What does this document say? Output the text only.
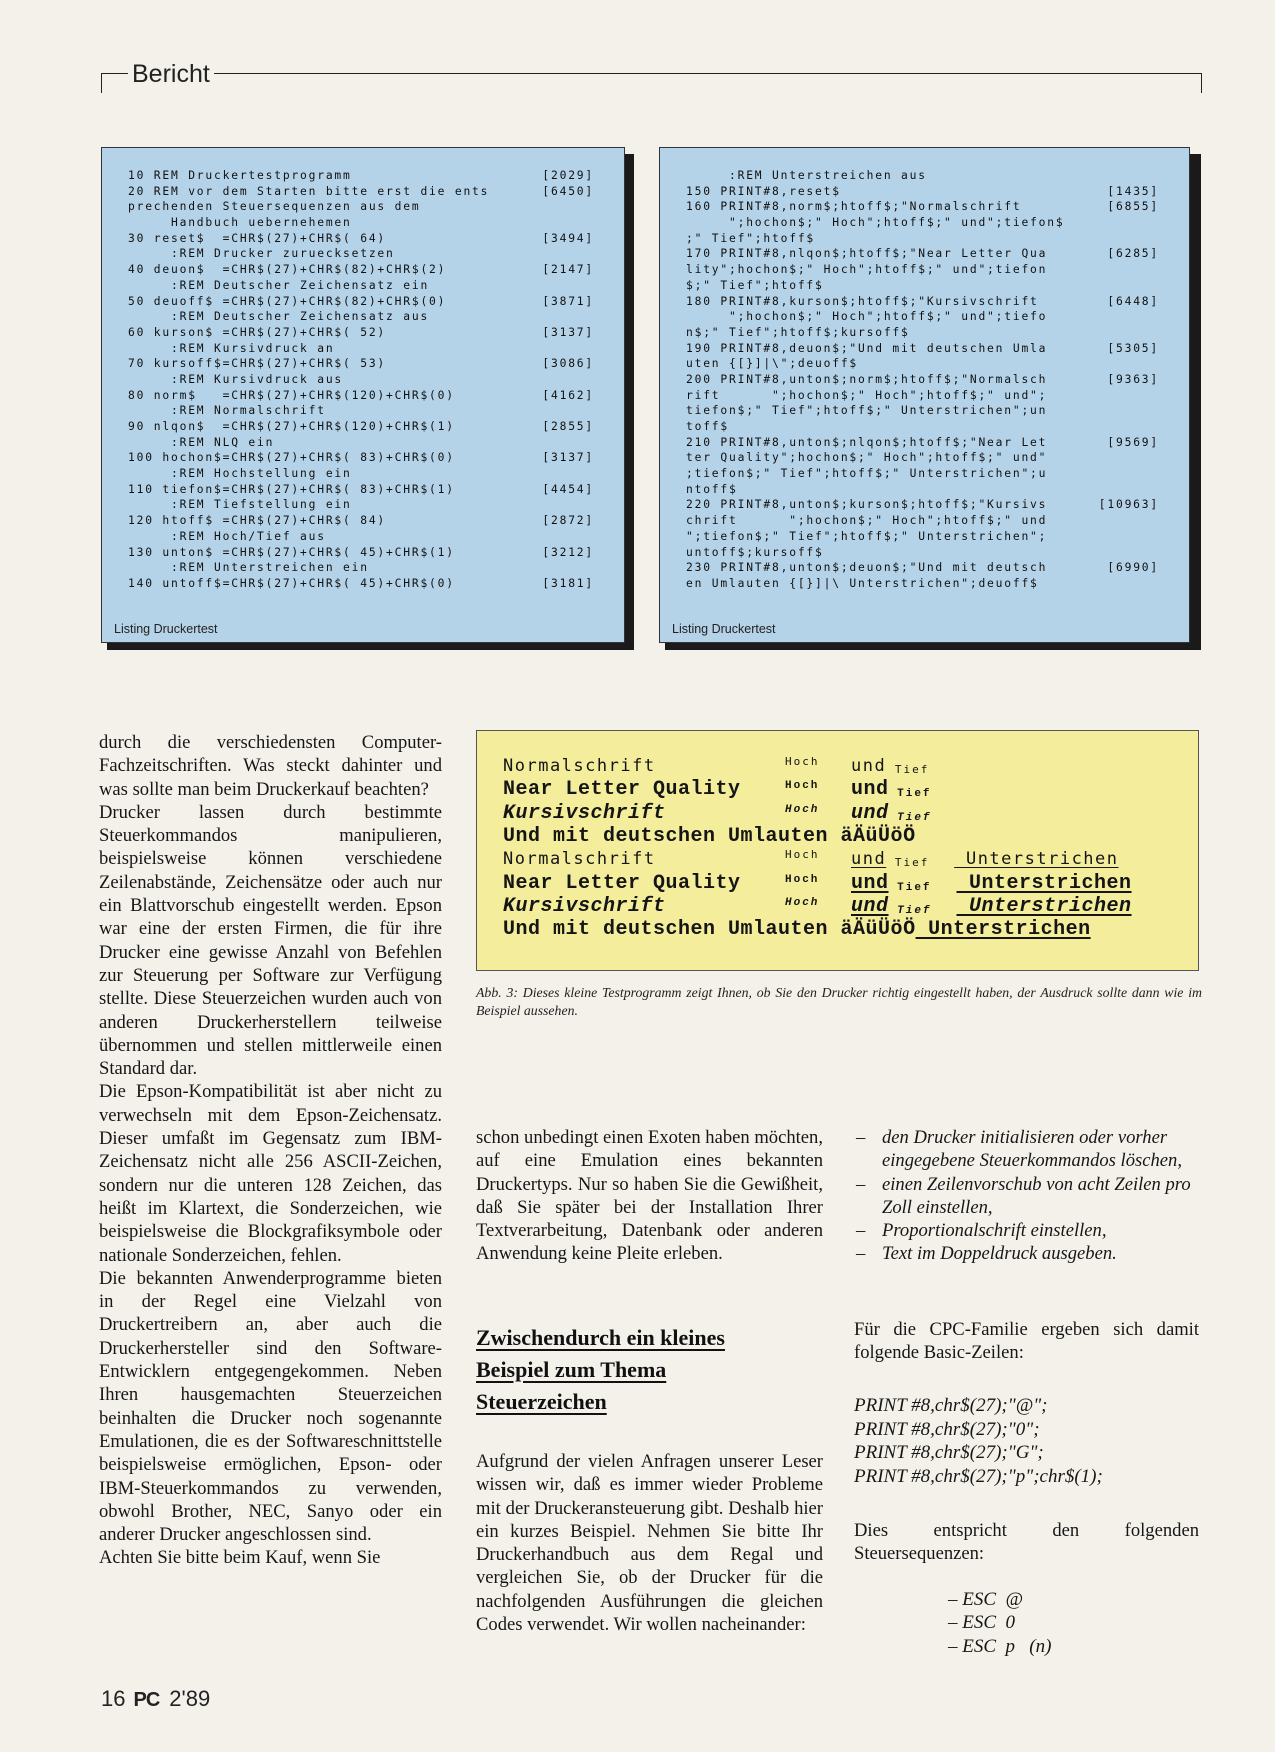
Bericht
10 REM Druckertestprogramm	[2029]
20 REM vor dem Starten bitte erst die ents	[6450]
prechenden Steuersequenzen aus dem
Handbuch uebernehemen
30 reset$  =CHR$(27)+CHR$( 64)	[3494]
:REM Drucker zuruecksetzen
40 deuon$  =CHR$(27)+CHR$(82)+CHR$(2)	[2147]
:REM Deutscher Zeichensatz ein
50 deuoff$ =CHR$(27)+CHR$(82)+CHR$(0)	[3871]
:REM Deutscher Zeichensatz aus
60 kurson$ =CHR$(27)+CHR$( 52)	[3137]
:REM Kursivdruck an
70 kursoff$=CHR$(27)+CHR$( 53)	[3086]
:REM Kursivdruck aus
80 norm$   =CHR$(27)+CHR$(120)+CHR$(0)	[4162]
:REM Normalschrift
90 nlqon$  =CHR$(27)+CHR$(120)+CHR$(1)	[2855]
:REM NLQ ein
100 hochon$=CHR$(27)+CHR$( 83)+CHR$(0)	[3137]
:REM Hochstellung ein
110 tiefon$=CHR$(27)+CHR$( 83)+CHR$(1)	[4454]
:REM Tiefstellung ein
120 htoff$ =CHR$(27)+CHR$( 84)	[2872]
:REM Hoch/Tief aus
130 unton$ =CHR$(27)+CHR$( 45)+CHR$(1)	[3212]
:REM Unterstreichen ein
140 untoff$=CHR$(27)+CHR$( 45)+CHR$(0)	[3181]
Listing Druckertest
:REM Unterstreichen aus
150 PRINT#8,reset$	[1435]
160 PRINT#8,norm$;htoff$;"Normalschrift	[6855]
";hochon$;" Hoch";htoff$;" und";tiefon$
;" Tief";htoff$
170 PRINT#8,nlqon$;htoff$;"Near Letter Qua	[6285]
lity";hochon$;" Hoch";htoff$;" und";tiefon
$;" Tief";htoff$
180 PRINT#8,kurson$;htoff$;"Kursivschrift	[6448]
";hochon$;" Hoch";htoff$;" und";tiefo
n$;" Tief";htoff$;kursoff$
190 PRINT#8,deuon$;"Und mit deutschen Umla	[5305]
uten {[}]|\";deuoff$
200 PRINT#8,unton$;norm$;htoff$;"Normalsch	[9363]
rift      ";hochon$;" Hoch";htoff$;" und";
tiefon$;" Tief";htoff$;" Unterstrichen";un
toff$
210 PRINT#8,unton$;nlqon$;htoff$;"Near Let	[9569]
ter Quality";hochon$;" Hoch";htoff$;" und"
;tiefon$;" Tief";htoff$;" Unterstrichen";u
ntoff$
220 PRINT#8,unton$;kurson$;htoff$;"Kursivs	[10963]
chrift      ";hochon$;" Hoch";htoff$;" und
";tiefon$;" Tief";htoff$;" Unterstrichen";
untoff$;kursoff$
230 PRINT#8,unton$;deuon$;"Und mit deutsch	[6990]
en Umlauten {[}]|\ Unterstrichen";deuoff$
Listing Druckertest

durch die verschiedensten Computer-Fachzeitschriften. Was steckt dahinter und was sollte man beim Druckerkauf beachten?

Drucker lassen durch bestimmte Steuerkommandos manipulieren, beispielsweise können verschiedene Zeilenabstände, Zeichensätze oder auch nur ein Blattvorschub eingestellt werden. Epson war eine der ersten Firmen, die für ihre Drucker eine gewisse Anzahl von Befehlen zur Steuerung per Software zur Verfügung stellte. Diese Steuerzeichen wurden auch von anderen Druckerherstellern teilweise übernommen und stellen mittlerweile einen Standard dar.

Die Epson-Kompatibilität ist aber nicht zu verwechseln mit dem Epson-Zeichensatz. Dieser umfaßt im Gegensatz zum IBM-Zeichensatz nicht alle 256 ASCII-Zeichen, sondern nur die unteren 128 Zeichen, das heißt im Klartext, die Sonderzeichen, wie beispielsweise die Blockgrafiksymbole oder nationale Sonderzeichen, fehlen.

Die bekannten Anwenderprogramme bieten in der Regel eine Vielzahl von Druckertreibern an, aber auch die Druckerhersteller sind den Software-Entwicklern entgegengekommen. Neben Ihren hausgemachten Steuerzeichen beinhalten die Drucker noch sogenannte Emulationen, die es der Softwareschnittstelle beispielsweise ermöglichen, Epson- oder IBM-Steuerkommandos zu verwenden, obwohl Brother, NEC, Sanyo oder ein anderer Drucker angeschlossen sind.

Achten Sie bitte beim Kauf, wenn Sie

Normalschrift	Hoch und Tief
Near Letter Quality	Hoch und Tief
Kursivschrift	Hoch und Tief
Und mit deutschen Umlauten äÄüÜöÖ
Normalschrift	Hoch und Tief Unterstrichen
Near Letter Quality	Hoch und Tief Unterstrichen
Kursivschrift	Hoch und Tief Unterstrichen
Und mit deutschen Umlauten äÄüÜöÖ Unterstrichen
Abb. 3: Dieses kleine Testprogramm zeigt Ihnen, ob Sie den Drucker richtig eingestellt haben, der Ausdruck sollte dann wie im Beispiel aussehen.

schon unbedingt einen Exoten haben möchten, auf eine Emulation eines bekannten Druckertyps. Nur so haben Sie die Gewißheit, daß Sie später bei der Installation Ihrer Textverarbeitung, Datenbank oder anderen Anwendung keine Pleite erleben.

Zwischendurch ein kleines
Beispiel zum Thema
Steuerzeichen

Aufgrund der vielen Anfragen unserer Leser wissen wir, daß es immer wieder Probleme mit der Druckeransteuerung gibt. Deshalb hier ein kurzes Beispiel. Nehmen Sie bitte Ihr Druckerhandbuch aus dem Regal und vergleichen Sie, ob der Drucker für die nachfolgenden Ausführungen die gleichen Codes verwendet. Wir wollen nacheinander:

– den Drucker initialisieren oder vorher eingegebene Steuerkommandos löschen,
– einen Zeilenvorschub von acht Zeilen pro Zoll einstellen,
– Proportionalschrift einstellen,
– Text im Doppeldruck ausgeben.

Für die CPC-Familie ergeben sich damit folgende Basic-Zeilen:

PRINT #8,chr$(27);"@";
PRINT #8,chr$(27);"0";
PRINT #8,chr$(27);"G";
PRINT #8,chr$(27);"p";chr$(1);

Dies entspricht den folgenden Steuersequenzen:

– ESC  @
– ESC  0
– ESC  p   (n)
16 PC 2'89
